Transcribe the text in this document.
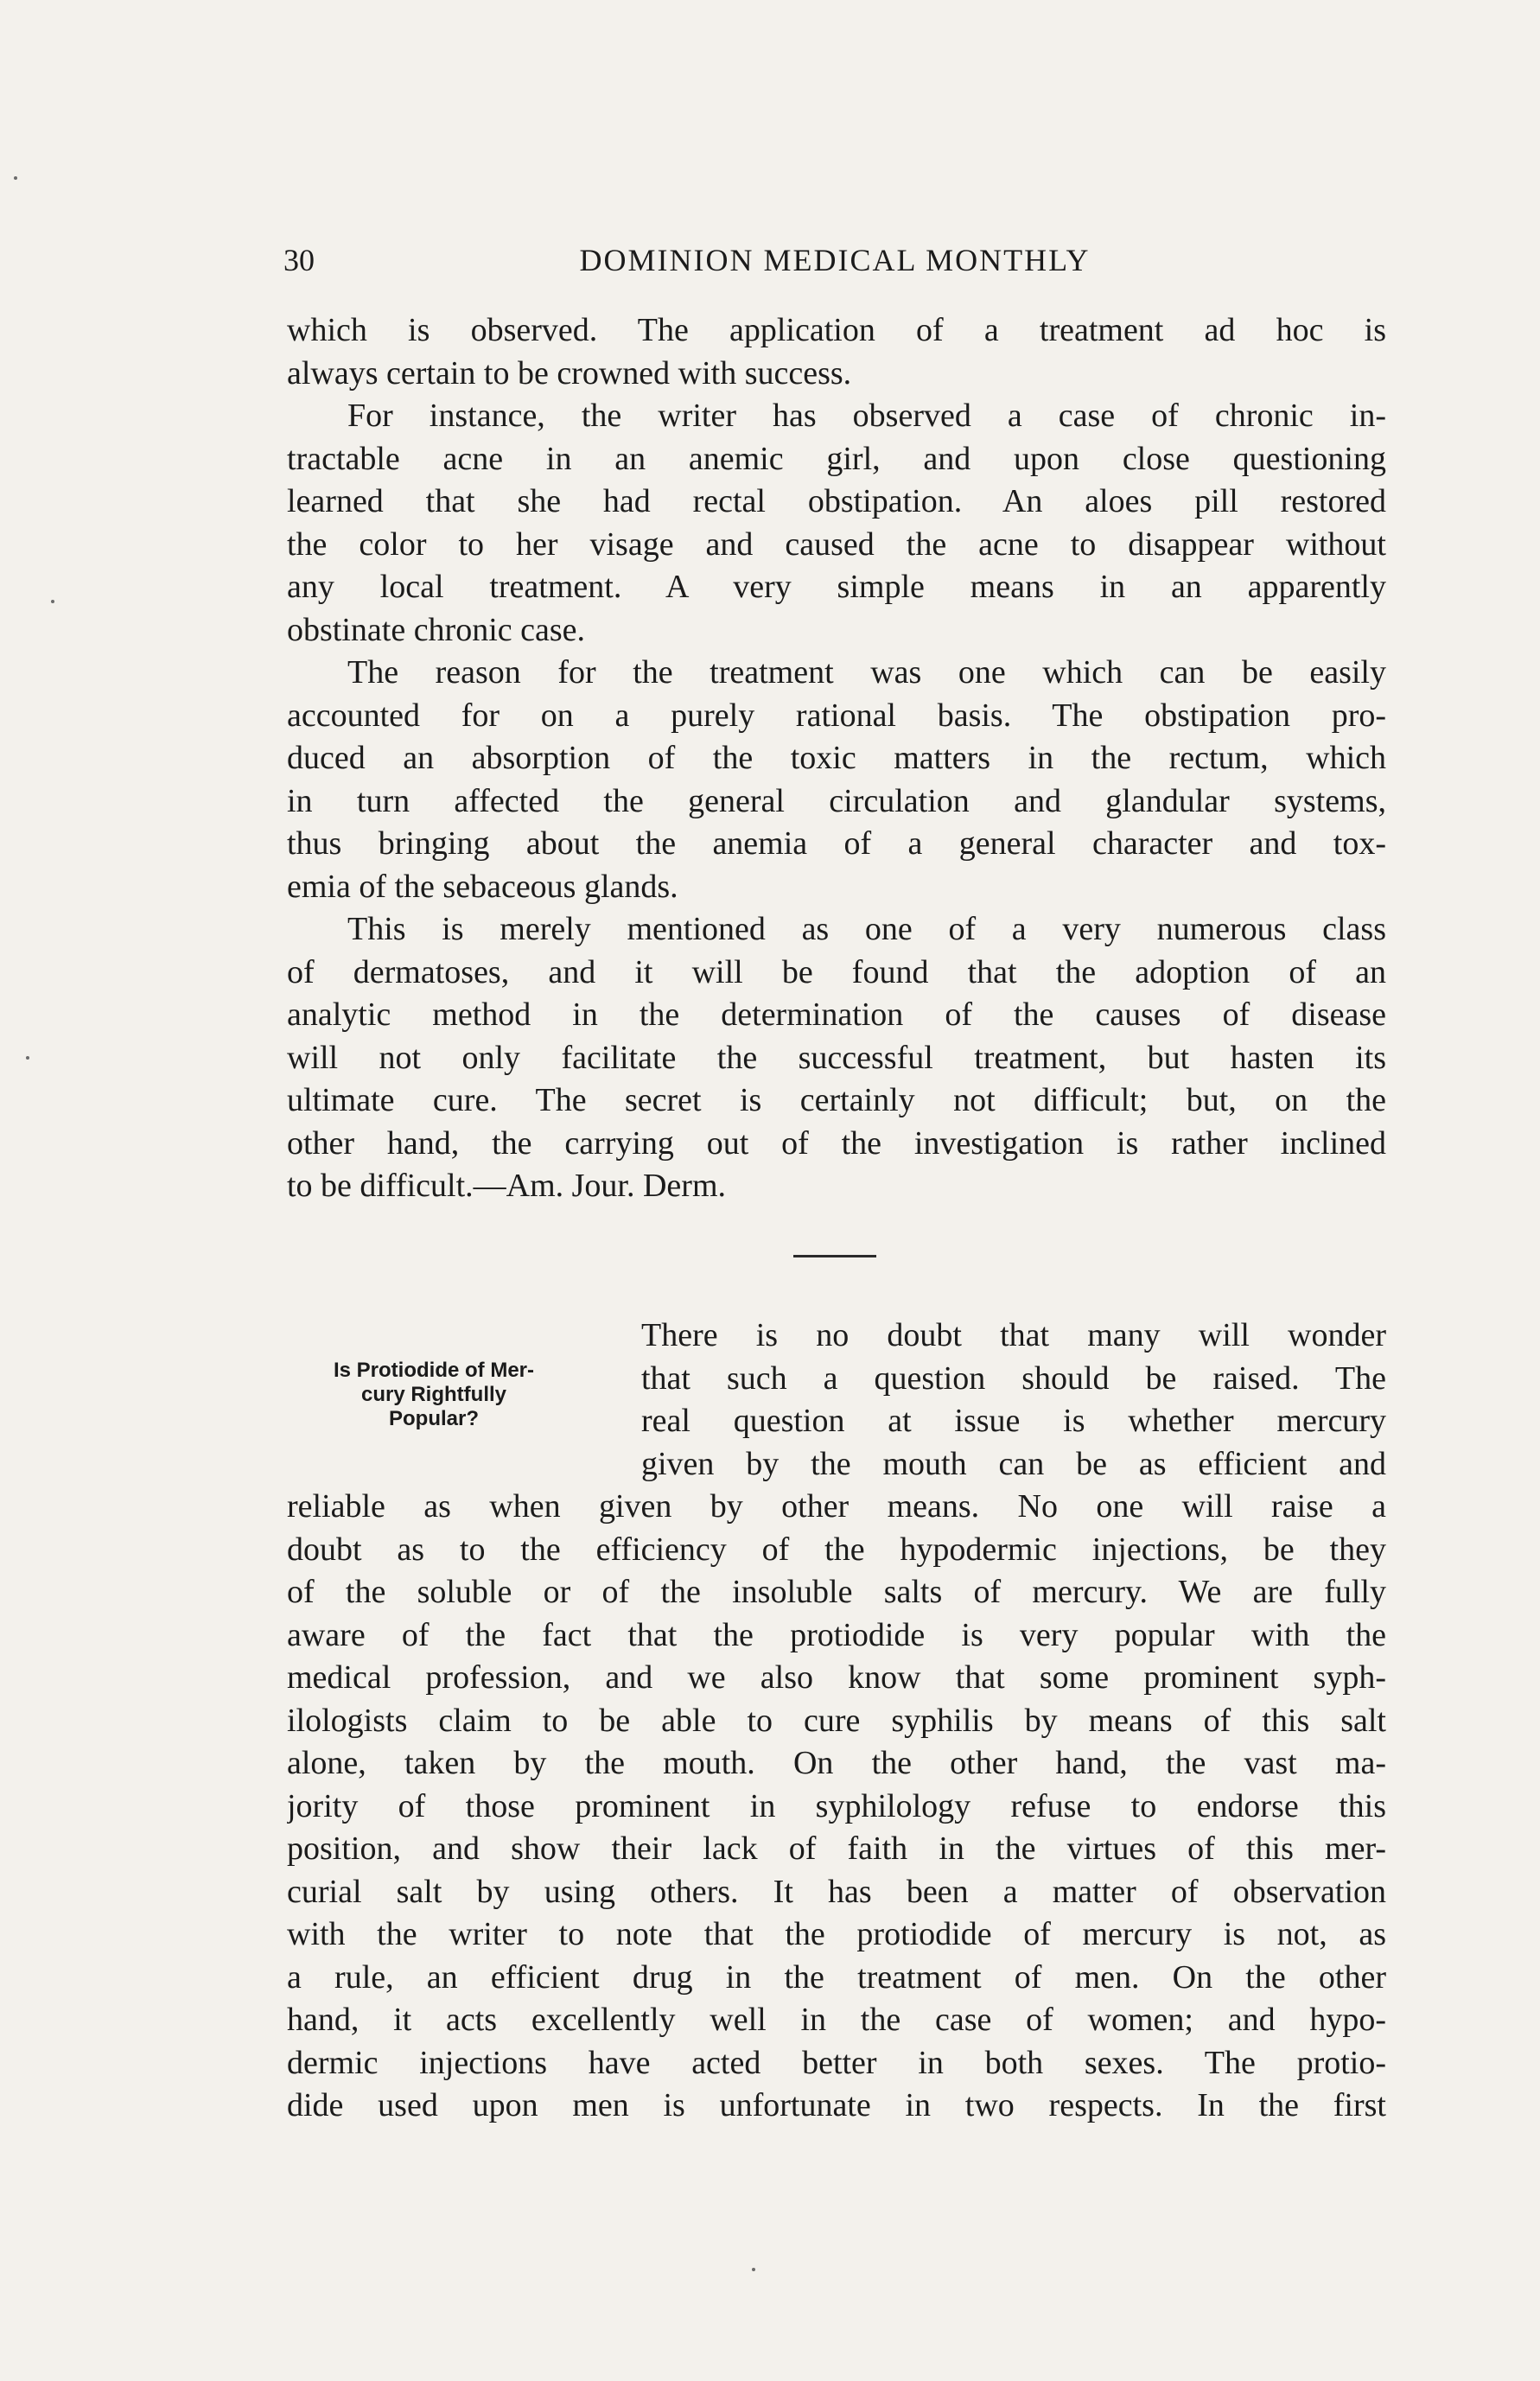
30	DOMINION MEDICAL MONTHLY
which is observed. The application of a treatment ad hoc is
always certain to be crowned with success.
For instance, the writer has observed a case of chronic in-
tractable acne in an anemic girl, and upon close questioning
learned that she had rectal obstipation. An aloes pill restored
the color to her visage and caused the acne to disappear without
any local treatment. A very simple means in an apparently
obstinate chronic case.
The reason for the treatment was one which can be easily
accounted for on a purely rational basis. The obstipation pro-
duced an absorption of the toxic matters in the rectum, which
in turn affected the general circulation and glandular systems,
thus bringing about the anemia of a general character and tox-
emia of the sebaceous glands.
This is merely mentioned as one of a very numerous class
of dermatoses, and it will be found that the adoption of an
analytic method in the determination of the causes of disease
will not only facilitate the successful treatment, but hasten its
ultimate cure. The secret is certainly not difficult; but, on the
other hand, the carrying out of the investigation is rather inclined
to be difficult.—Am. Jour. Derm.
Is Protiodide of Mer-
cury Rightfully
Popular?
There is no doubt that many will wonder
that such a question should be raised. The
real question at issue is whether mercury
given by the mouth can be as efficient and
reliable as when given by other means. No one will raise a
doubt as to the efficiency of the hypodermic injections, be they
of the soluble or of the insoluble salts of mercury. We are fully
aware of the fact that the protiodide is very popular with the
medical profession, and we also know that some prominent syph-
ilologists claim to be able to cure syphilis by means of this salt
alone, taken by the mouth. On the other hand, the vast ma-
jority of those prominent in syphilology refuse to endorse this
position, and show their lack of faith in the virtues of this mer-
curial salt by using others. It has been a matter of observation
with the writer to note that the protiodide of mercury is not, as
a rule, an efficient drug in the treatment of men. On the other
hand, it acts excellently well in the case of women; and hypo-
dermic injections have acted better in both sexes. The protio-
dide used upon men is unfortunate in two respects. In the first
